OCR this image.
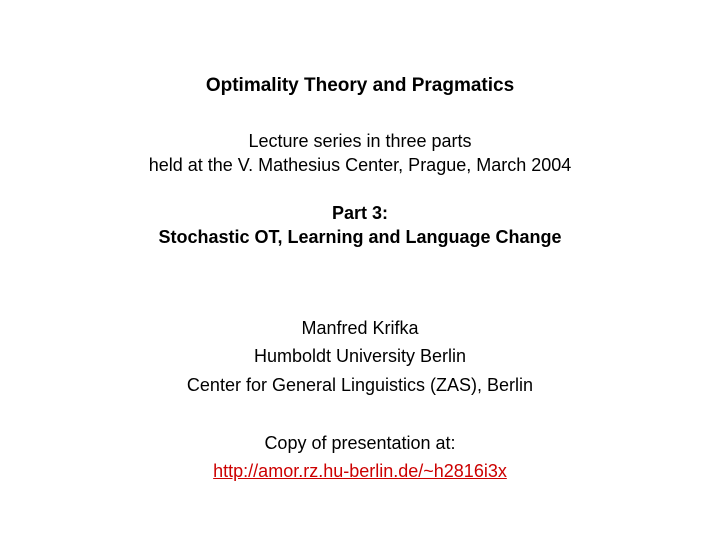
Optimality Theory and Pragmatics
Lecture series in three parts
held at the V. Mathesius Center, Prague, March 2004
Part 3:
Stochastic OT, Learning and Language Change
Manfred Krifka
Humboldt University Berlin
Center for General Linguistics (ZAS), Berlin
Copy of presentation at:
http://amor.rz.hu-berlin.de/~h2816i3x
